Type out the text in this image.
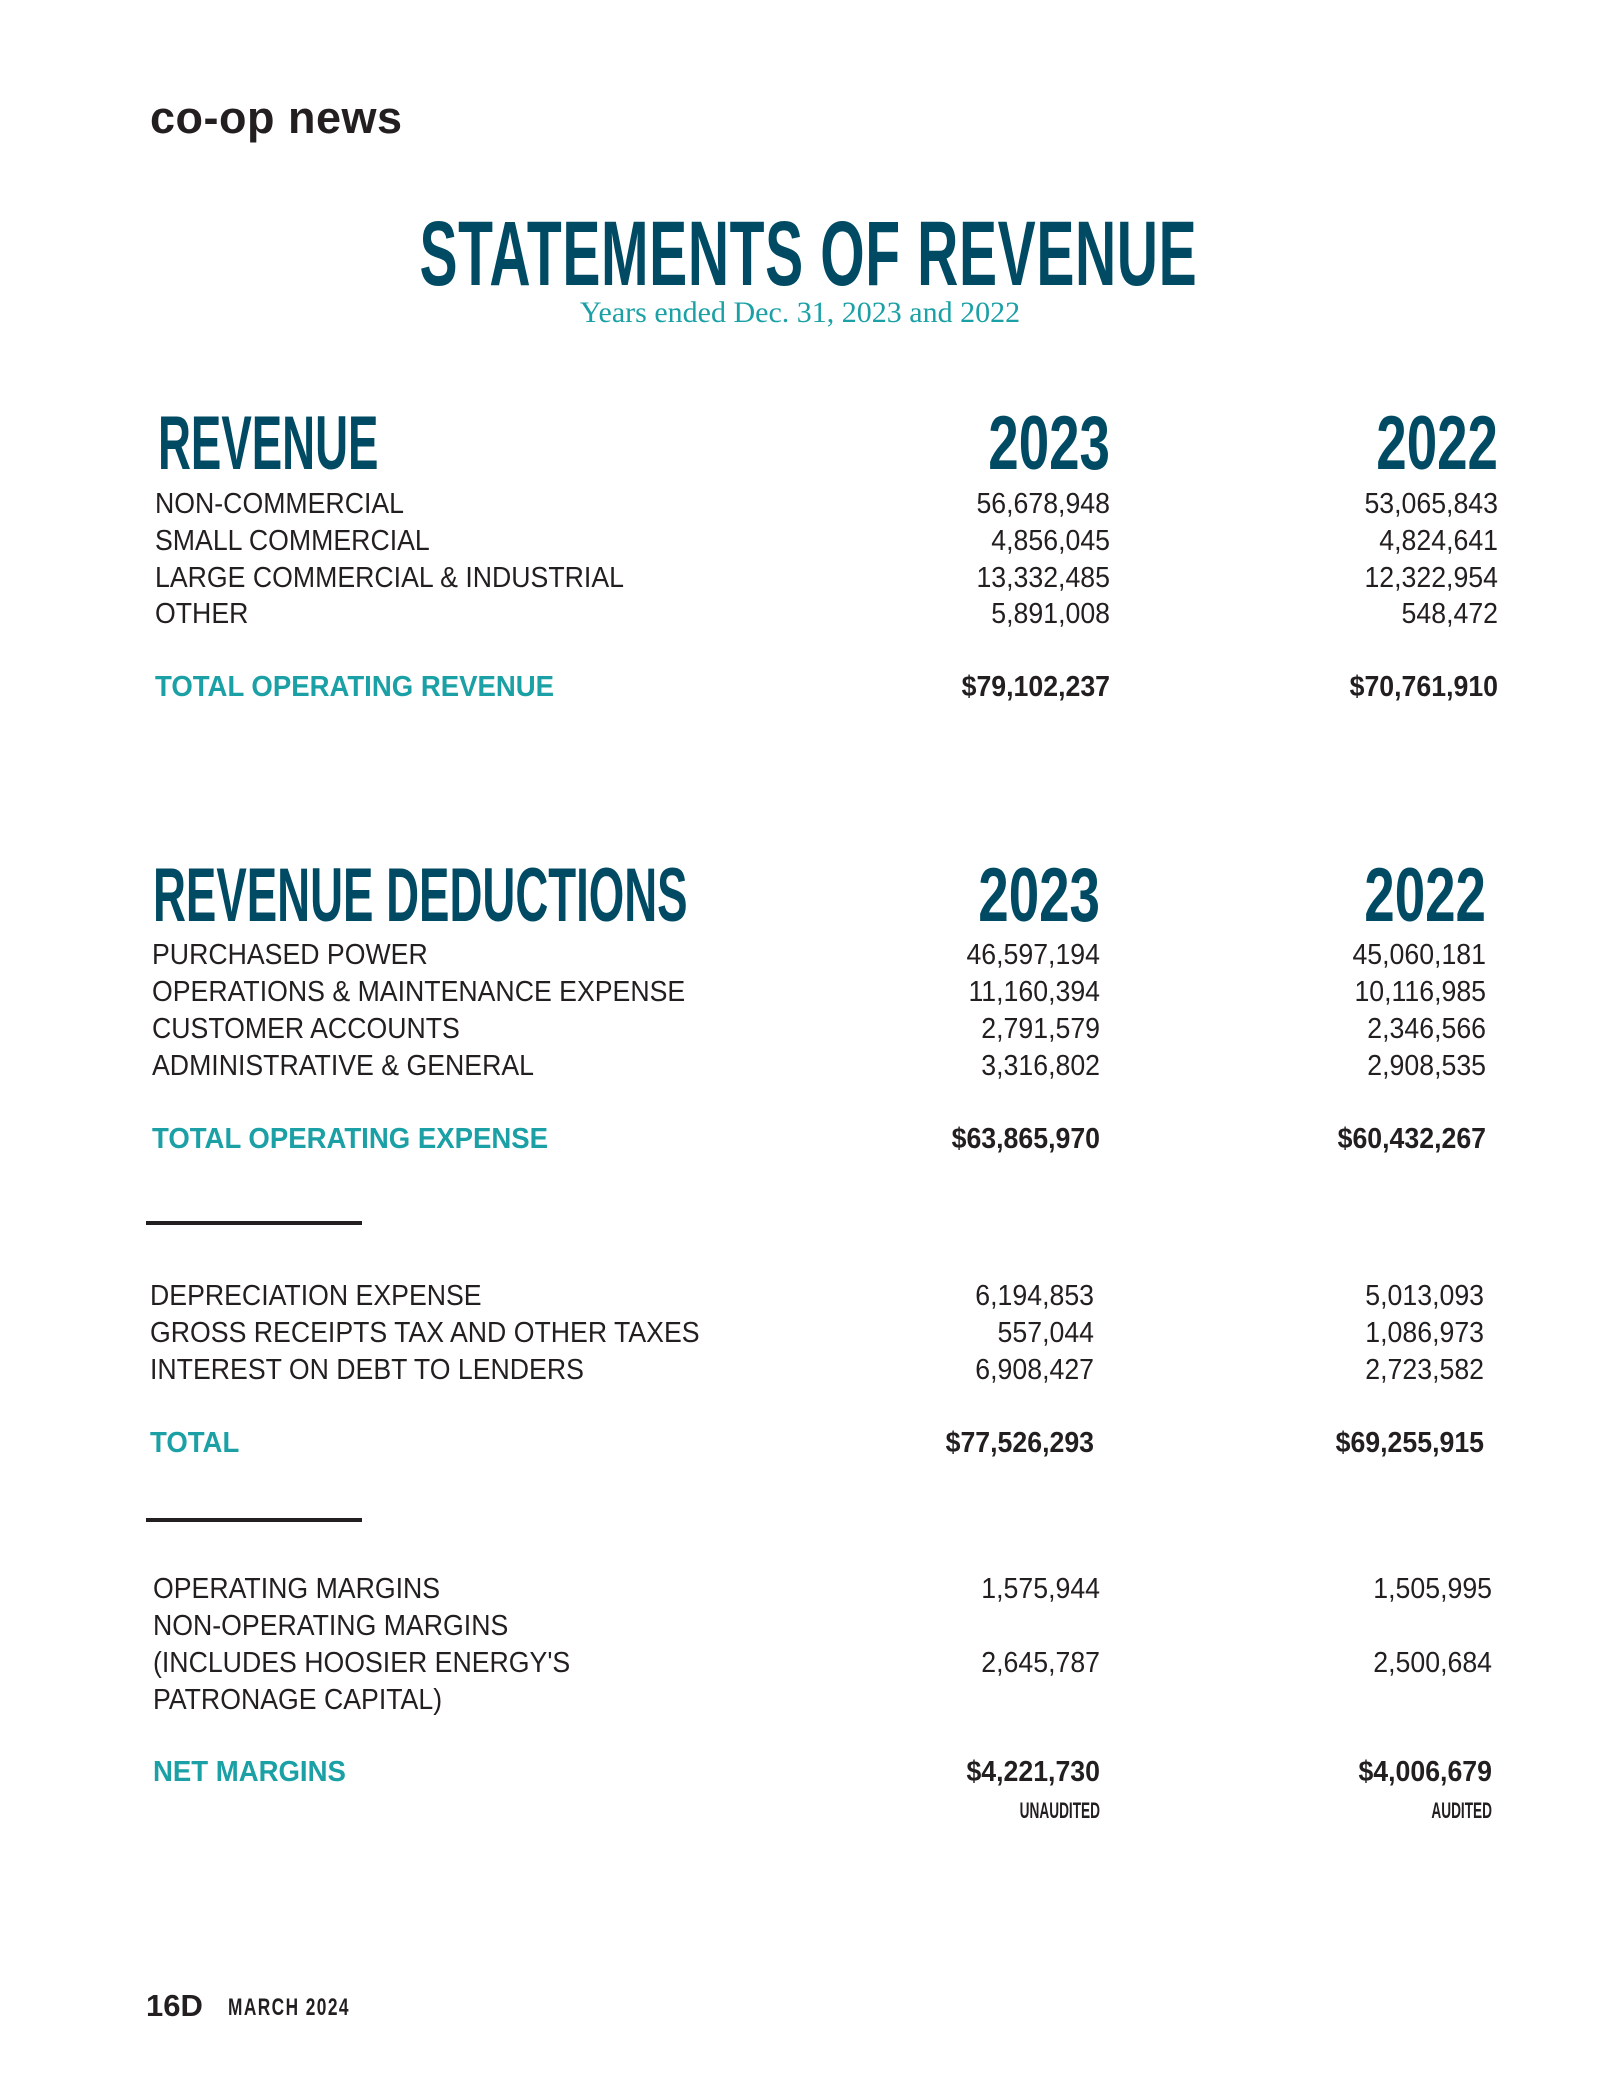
co-op news
STATEMENTS OF REVENUE
Years ended Dec. 31, 2023 and 2022
REVENUE	2023	2022
NON-COMMERCIAL	56,678,948	53,065,843
SMALL COMMERCIAL	4,856,045	4,824,641
LARGE COMMERCIAL & INDUSTRIAL	13,332,485	12,322,954
OTHER	5,891,008	548,472
TOTAL OPERATING REVENUE	$79,102,237	$70,761,910
REVENUE DEDUCTIONS	2023	2022
PURCHASED POWER	46,597,194	45,060,181
OPERATIONS & MAINTENANCE EXPENSE	11,160,394	10,116,985
CUSTOMER ACCOUNTS	2,791,579	2,346,566
ADMINISTRATIVE & GENERAL	3,316,802	2,908,535
TOTAL OPERATING EXPENSE	$63,865,970	$60,432,267
DEPRECIATION EXPENSE	6,194,853	5,013,093
GROSS RECEIPTS TAX AND OTHER TAXES	557,044	1,086,973
INTEREST ON DEBT TO LENDERS	6,908,427	2,723,582
TOTAL	$77,526,293	$69,255,915
OPERATING MARGINS	1,575,944	1,505,995
NON-OPERATING MARGINS
(INCLUDES HOOSIER ENERGY'S
PATRONAGE CAPITAL)
2,645,787	2,500,684
NET MARGINS	$4,221,730	$4,006,679
UNAUDITED	AUDITED
16D MARCH 2024
